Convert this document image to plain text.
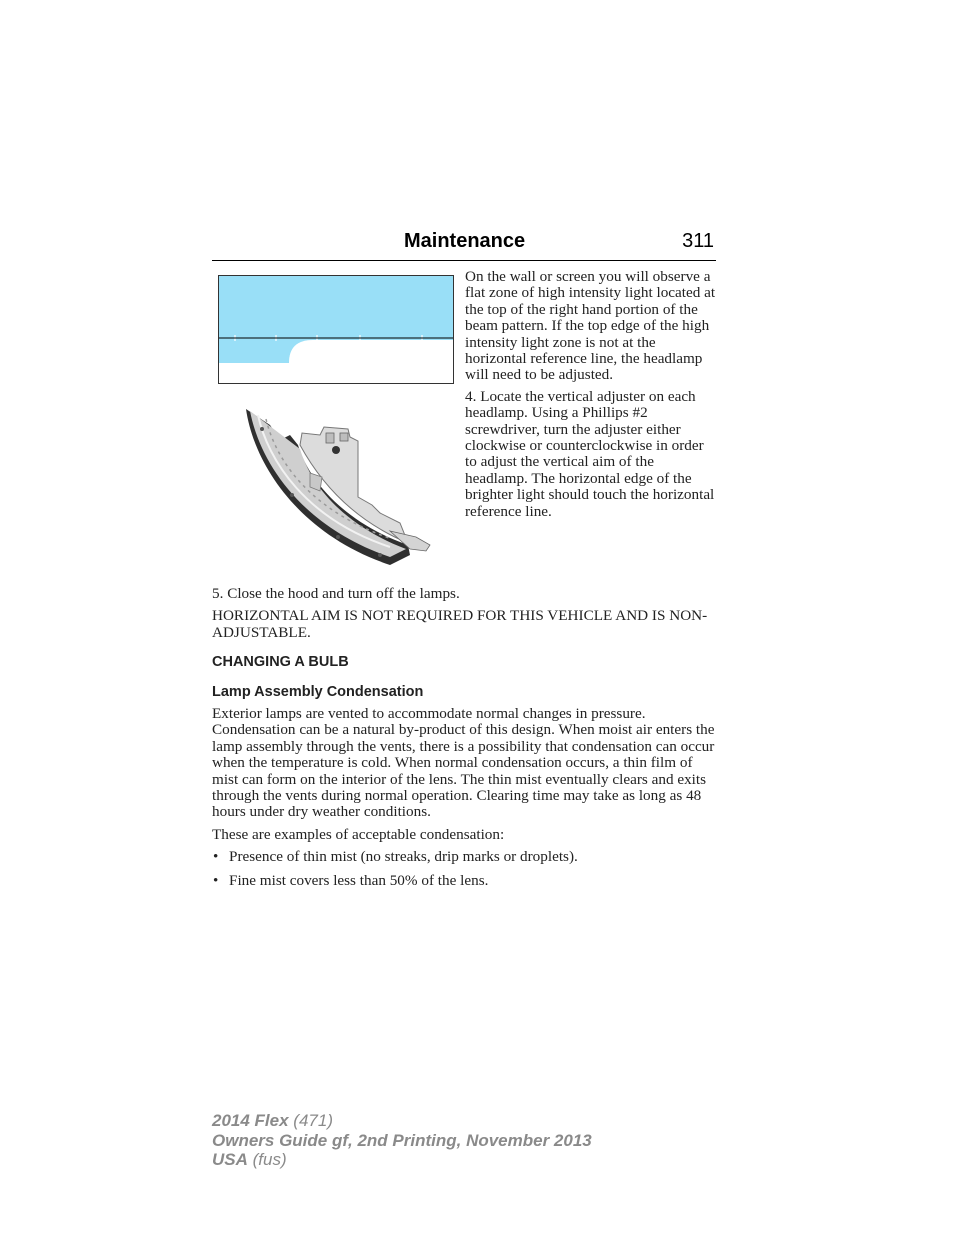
Maintenance	311

On the wall or screen you will observe a flat zone of high intensity light located at the top of the right hand portion of the beam pattern. If the top edge of the high intensity light zone is not at the horizontal reference line, the headlamp will need to be adjusted.

4. Locate the vertical adjuster on each headlamp. Using a Phillips #2 screwdriver, turn the adjuster either clockwise or counterclockwise in order to adjust the vertical aim of the headlamp. The horizontal edge of the brighter light should touch the horizontal reference line.

5. Close the hood and turn off the lamps.

HORIZONTAL AIM IS NOT REQUIRED FOR THIS VEHICLE AND IS NON-ADJUSTABLE.

CHANGING A BULB
Lamp Assembly Condensation

Exterior lamps are vented to accommodate normal changes in pressure. Condensation can be a natural by-product of this design. When moist air enters the lamp assembly through the vents, there is a possibility that condensation can occur when the temperature is cold. When normal condensation occurs, a thin film of mist can form on the interior of the lens. The thin mist eventually clears and exits through the vents during normal operation. Clearing time may take as long as 48 hours under dry weather conditions.

These are examples of acceptable condensation:

• Presence of thin mist (no streaks, drip marks or droplets).
• Fine mist covers less than 50% of the lens.
2014 Flex (471)
Owners Guide gf, 2nd Printing, November 2013
USA (fus)
